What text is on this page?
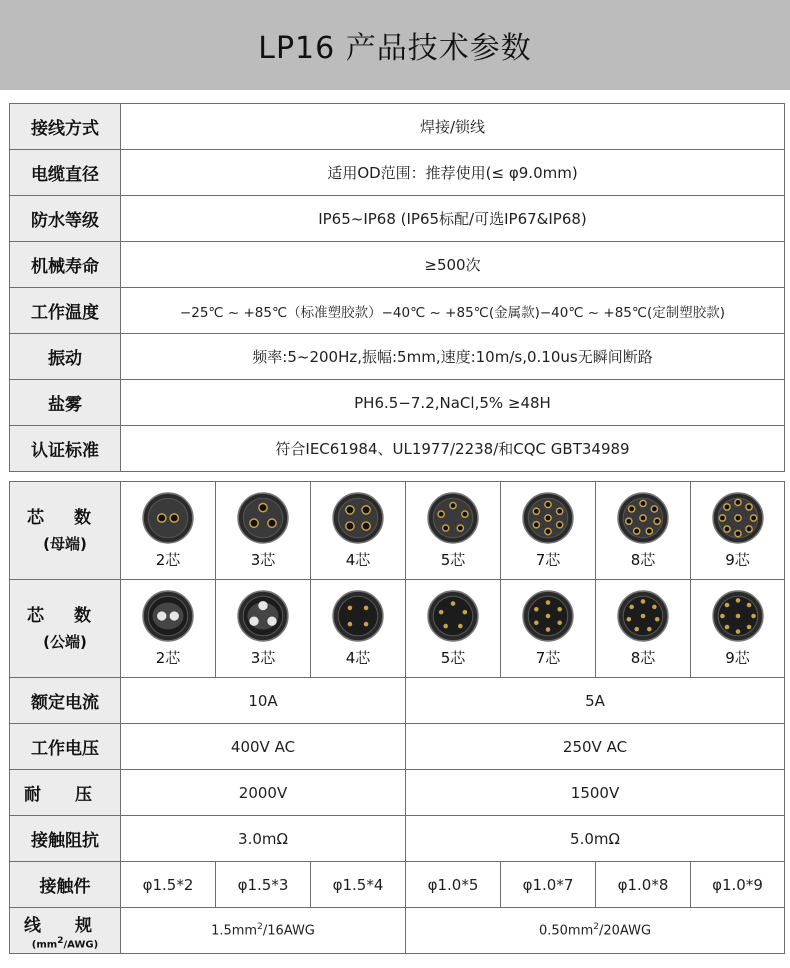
LP16 产品技术参数
接线方式	焊接/锁线
电缆直径	适用OD范围：推荐使用(≤ φ9.0mm)
防水等级	IP65~IP68 (IP65标配/可选IP67&IP68)
机械寿命	≥500次
工作温度	−25℃ ~ +85℃（标准塑胶款）−40℃ ~ +85℃(金属款)−40℃ ~ +85℃(定制塑胶款)
振动	频率:5~200Hz,振幅:5mm,速度:10m/s,0.10us无瞬间断路
盐雾	PH6.5−7.2,NaCl,5% ≥48H
认证标准	符合IEC61984、UL1977/2238/和CQC GBT34989
芯 数
(母端)	2芯	3芯	4芯	5芯	7芯	8芯	9芯

芯 数
(公端)	2芯	3芯	4芯	5芯	7芯	8芯	9芯

额定电流	10A			5A			
工作电压	400V AC			250V AC			
耐 压	2000V			1500V			
接触阻抗	3.0mΩ			5.0mΩ			
接触件	φ1.5*2	φ1.5*3	φ1.5*4	φ1.0*5	φ1.0*7	φ1.0*8	φ1.0*9

线 规
(mm2/AWG)	$1.5mm^2/16AWG$			$0.50mm^2/20AWG$			
